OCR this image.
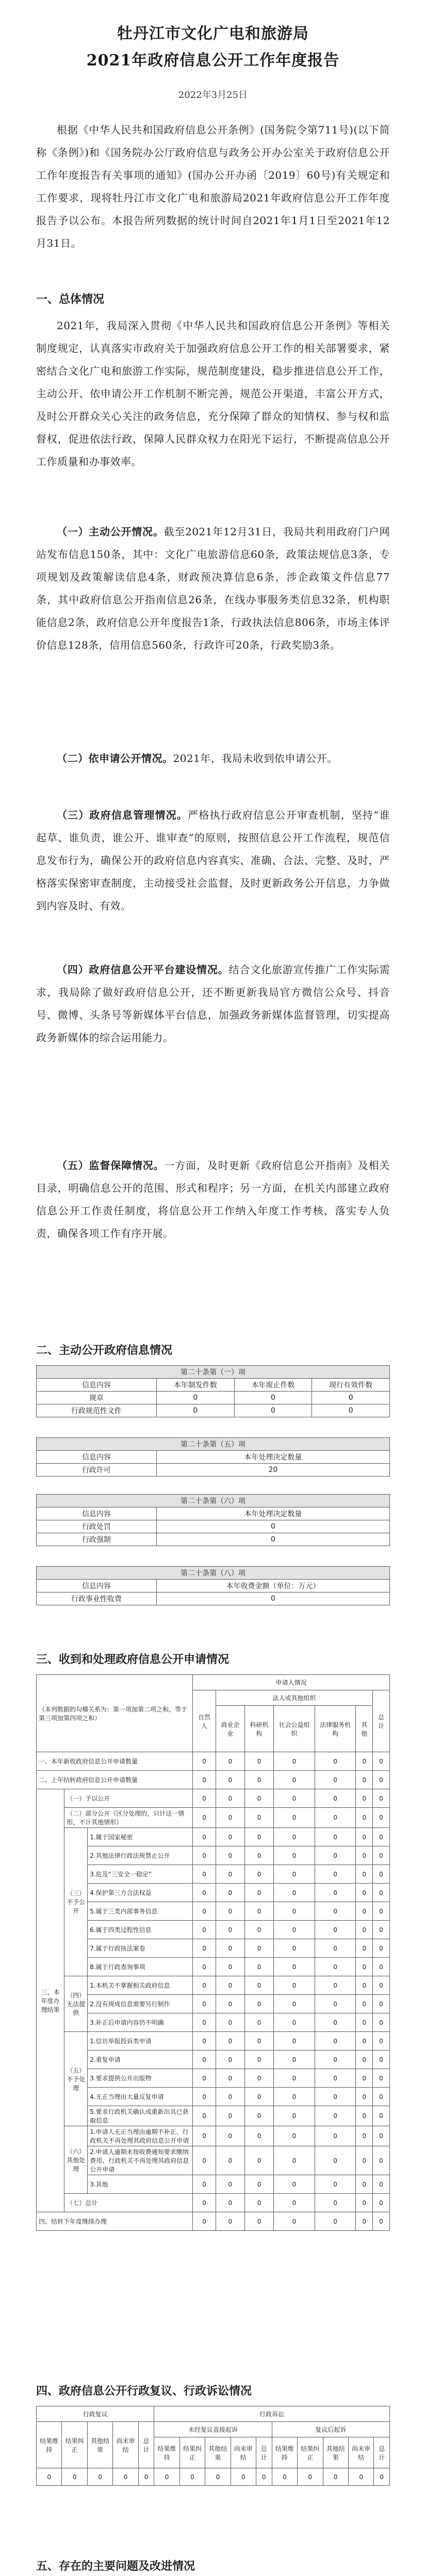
牡丹江市文化广电和旅游局
2021年政府信息公开工作年度报告
2022年3月25日
根据《中华人民共和国政府信息公开条例》(国务院令第711号)(以下简称《条例》)和《国务院办公厅政府信息与政务公开办公室关于政府信息公开工作年度报告有关事项的通知》(国办公开办函〔2019〕60号)有关规定和工作要求，现将牡丹江市文化广电和旅游局2021年政府信息公开工作年度报告予以公布。本报告所列数据的统计时间自2021年1月1日至2021年12月31日。
一、总体情况
2021年，我局深入贯彻《中华人民共和国政府信息公开条例》等相关制度规定，认真落实市政府关于加强政府信息公开工作的相关部署要求，紧密结合文化广电和旅游工作实际，规范制度建设，稳步推进信息公开工作，主动公开、依申请公开工作机制不断完善，规范公开渠道，丰富公开方式，及时公开群众关心关注的政务信息，充分保障了群众的知情权、参与权和监督权，促进依法行政，保障人民群众权力在阳光下运行，不断提高信息公开工作质量和办事效率。
（一）主动公开情况。截至2021年12月31日，我局共利用政府门户网站发布信息150条，其中：文化广电旅游信息60条，政策法规信息3条，专项规划及政策解读信息4条，财政预决算信息6条，涉企政策文件信息77条，其中政府信息公开指南信息26条，在线办事服务类信息32条，机构职能信息2条，政府信息公开年度报告1条，行政执法信息806条，市场主体评价信息128条，信用信息560条，行政许可20条，行政奖励3条。
（二）依申请公开情况。2021年，我局未收到依申请公开。
（三）政府信息管理情况。严格执行政府信息公开审查机制，坚持“谁起草、谁负责，谁公开、谁审查”的原则，按照信息公开工作流程，规范信息发布行为，确保公开的政府信息内容真实、准确、合法、完整、及时，严格落实保密审查制度，主动接受社会监督，及时更新政务公开信息，力争做到内容及时、有效。
（四）政府信息公开平台建设情况。结合文化旅游宣传推广工作实际需求，我局除了做好政府信息公开，还不断更新我局官方微信公众号、抖音号、微博、头条号等新媒体平台信息，加强政务新媒体监督管理，切实提高政务新媒体的综合运用能力。
（五）监督保障情况。一方面，及时更新《政府信息公开指南》及相关目录，明确信息公开的范围、形式和程序；另一方面，在机关内部建立政府信息公开工作责任制度，将信息公开工作纳入年度工作考核，落实专人负责，确保各项工作有序开展。
二、主动公开政府信息情况
第二十条第（一）项			
信息内容	本年制发件数	本年废止件数	现行有效件数
规章	0	0	0
行政规范性文件	0	0	0
第二十条第（五）项	
信息内容	本年处理决定数量
行政许可	20
第二十条第（六）项	
信息内容	本年处理决定数量
行政处罚	0
行政强制	0
第二十条第（八）项	
信息内容	本年收费金额（单位：万元）
行政事业性收费	0
三、收到和处理政府信息公开申请情况
（本列数据的勾稽关系为：第一项加第二项之和，等于第三项加第四项之和）			申请人情况						
			自然人	法人或其他组织					总计
				商业企业	科研机构	社会公益组织	法律服务机构	其他	
一、本年新收政府信息公开申请数量			0	0	0	0	0	0	0
二、上年结转政府信息公开申请数量			0	0	0	0	0	0	0
三、本年度办理结果	（一）予以公开		0	0	0	0	0	0	0
	（二）部分公开（区分处理的，只计这一情形，不计其他情形）		0	0	0	0	0	0	0
	（三）不予公开	1.属于国家秘密	0	0	0	0	0	0	0
		2.其他法律行政法规禁止公开	0	0	0	0	0	0	0
		3.危及“三安全一稳定”	0	0	0	0	0	0	0
		4.保护第三方合法权益	0	0	0	0	0	0	0
		5.属于三类内部事务信息	0	0	0	0	0	0	0
		6.属于四类过程性信息	0	0	0	0	0	0	0
		7.属于行政执法案卷	0	0	0	0	0	0	0
		8.属于行政查询事项	0	0	0	0	0	0	0
	（四）无法提供	1.本机关不掌握相关政府信息	0	0	0	0	0	0	0
		2.没有现成信息需要另行制作	0	0	0	0	0	0	0
		3.补正后申请内容仍不明确	0	0	0	0	0	0	0
	（五）不予处理	1.信访举报投诉类申请	0	0	0	0	0	0	0
		2.重复申请	0	0	0	0	0	0	0
		3.要求提供公开出版物	0	0	0	0	0	0	0
		4.无正当理由大量反复申请	0	0	0	0	0	0	0
		5.要求行政机关确认或重新出具已获取信息	0	0	0	0	0	0	0
	（六）其他处理	1.申请人无正当理由逾期不补正、行政机关不再处理其政府信息公开申请	0	0	0	0	0	0	0
		2.申请人逾期未按收费通知要求缴纳费用、行政机关不再处理其政府信息公开申请	0	0	0	0	0	0	0
		3.其他	0	0	0	0	0	0	0
	（七）总计		0	0	0	0	0	0	0
四、结转下年度继续办理			0	0	0	0	0	0	0
四、政府信息公开行政复议、行政诉讼情况
行政复议					行政诉讼									
结果维持	结果纠正	其他结果	尚未审结	总计	未经复议直接起诉					复议后起诉				
					结果维持	结果纠正	其他结果	尚未审结	总计	结果维持	结果纠正	其他结果	尚未审结	总计
0	0	0	0	0	0	0	0	0	0	0	0	0	0	0
五、存在的主要问题及改进情况
